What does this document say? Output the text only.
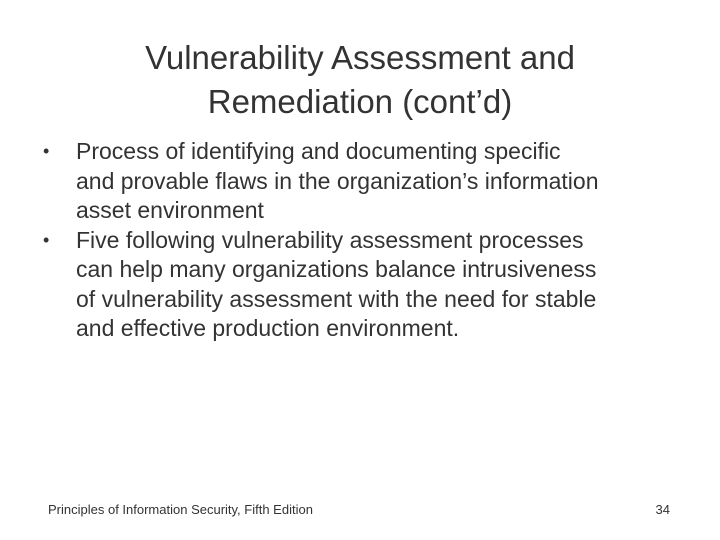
Vulnerability Assessment and
Remediation (cont’d)
• Process of identifying and documenting specific
and provable flaws in the organization’s information
asset environment
• Five following vulnerability assessment processes
can help many organizations balance intrusiveness
of vulnerability assessment with the need for stable
and effective production environment.
Principles of Information Security, Fifth Edition	34
